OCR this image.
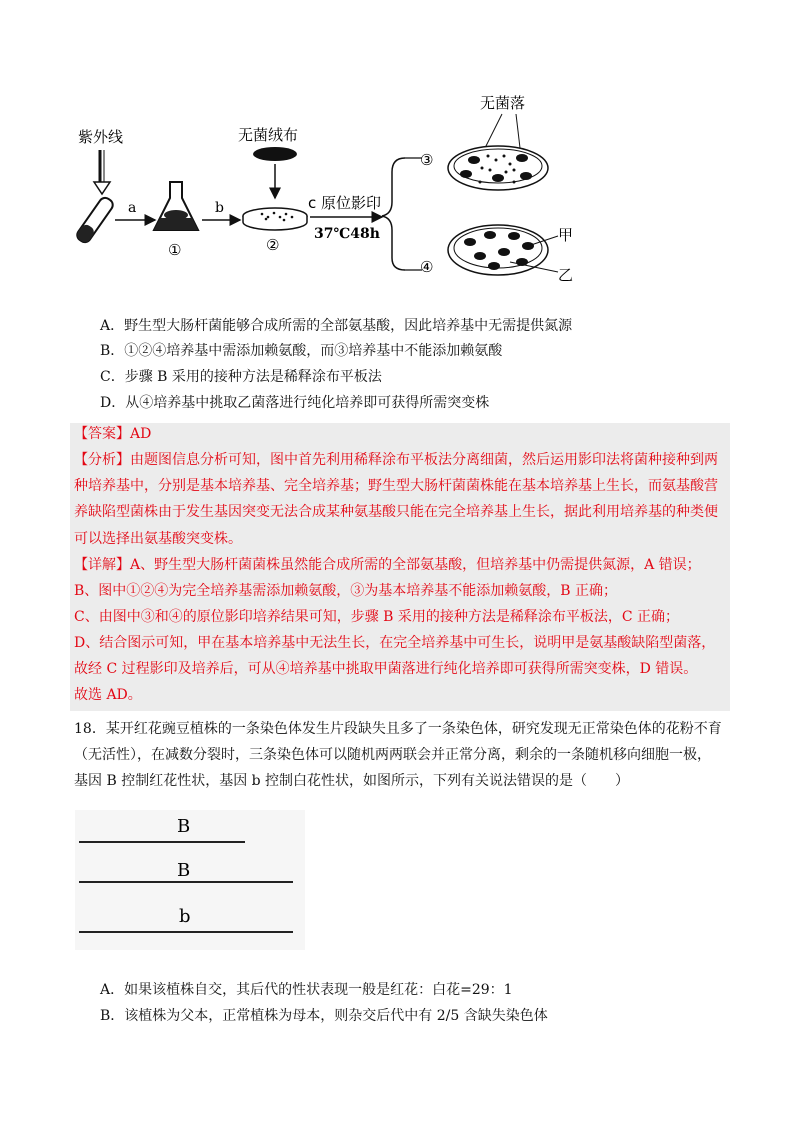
紫外线
a
①
b
无菌绒布
②
c 原位影印
37℃48h
③
④
无菌落
甲
乙
A．野生型大肠杆菌能够合成所需的全部氨基酸，因此培养基中无需提供氮源
B．①②④培养基中需添加赖氨酸，而③培养基中不能添加赖氨酸
C．步骤 B 采用的接种方法是稀释涂布平板法
D．从④培养基中挑取乙菌落进行纯化培养即可获得所需突变株
【答案】AD
【分析】由题图信息分析可知，图中首先利用稀释涂布平板法分离细菌，然后运用影印法将菌种接种到两
种培养基中，分别是基本培养基、完全培养基；野生型大肠杆菌菌株能在基本培养基上生长，而氨基酸营
养缺陷型菌株由于发生基因突变无法合成某种氨基酸只能在完全培养基上生长，据此利用培养基的种类便
可以选择出氨基酸突变株。
【详解】A、野生型大肠杆菌菌株虽然能合成所需的全部氨基酸，但培养基中仍需提供氮源，A 错误；
B、图中①②④为完全培养基需添加赖氨酸，③为基本培养基不能添加赖氨酸，B 正确；
C、由图中③和④的原位影印培养结果可知，步骤 B 采用的接种方法是稀释涂布平板法，C 正确；
D、结合图示可知，甲在基本培养基中无法生长，在完全培养基中可生长，说明甲是氨基酸缺陷型菌落，
故经 C 过程影印及培养后，可从④培养基中挑取甲菌落进行纯化培养即可获得所需突变株，D 错误。
故选 AD。
18．某开红花豌豆植株的一条染色体发生片段缺失且多了一条染色体，研究发现无正常染色体的花粉不育
（无活性），在减数分裂时，三条染色体可以随机两两联会并正常分离，剩余的一条随机移向细胞一极，
基因 B 控制红花性状，基因 b 控制白花性状，如图所示，下列有关说法错误的是（　　）
B
B
b
A．如果该植株自交，其后代的性状表现一般是红花：白花=29：1
B．该植株为父本，正常植株为母本，则杂交后代中有 2/5 含缺失染色体
